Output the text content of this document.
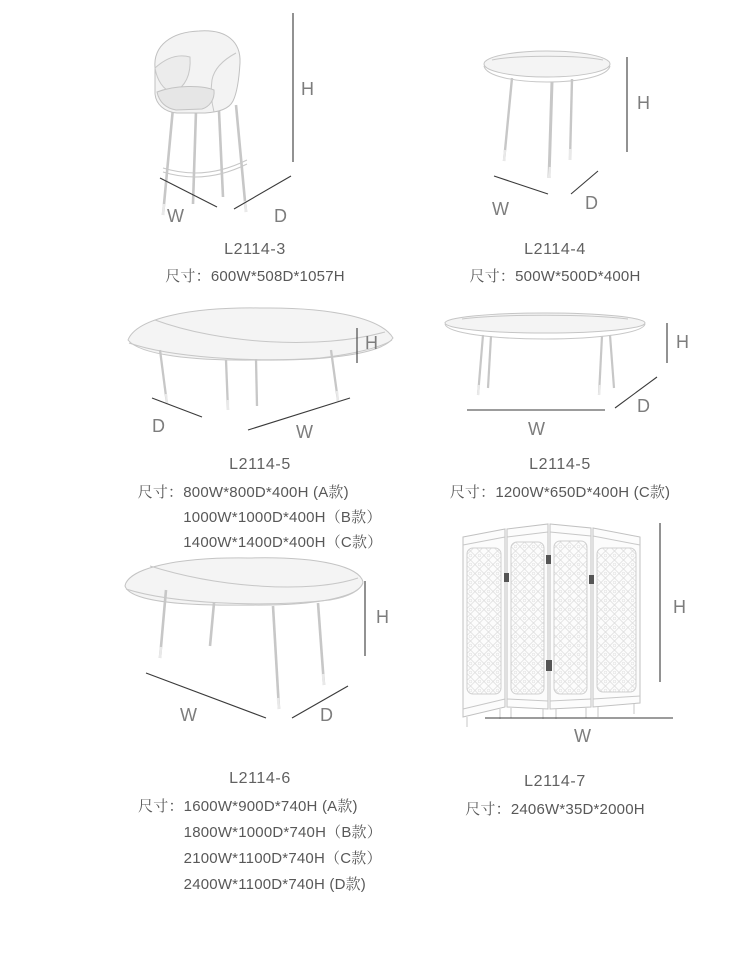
H
W	D
L2114-3
尺寸： 600W*508D*1057H
H
W	D
L2114-4
尺寸： 500W*500D*400H
H
D	W
L2114-5
尺寸： 800W*800D*400H (A款)
1000W*1000D*400H（B款）
1400W*1400D*400H（C款）
H
W
D
L2114-5
尺寸： 1200W*650D*400H (C款)
H
W	D
L2114-6
尺寸： 1600W*900D*740H (A款)
1800W*1000D*740H（B款）
2100W*1100D*740H（C款）
2400W*1100D*740H (D款)
H
W
L2114-7
尺寸： 2406W*35D*2000H
